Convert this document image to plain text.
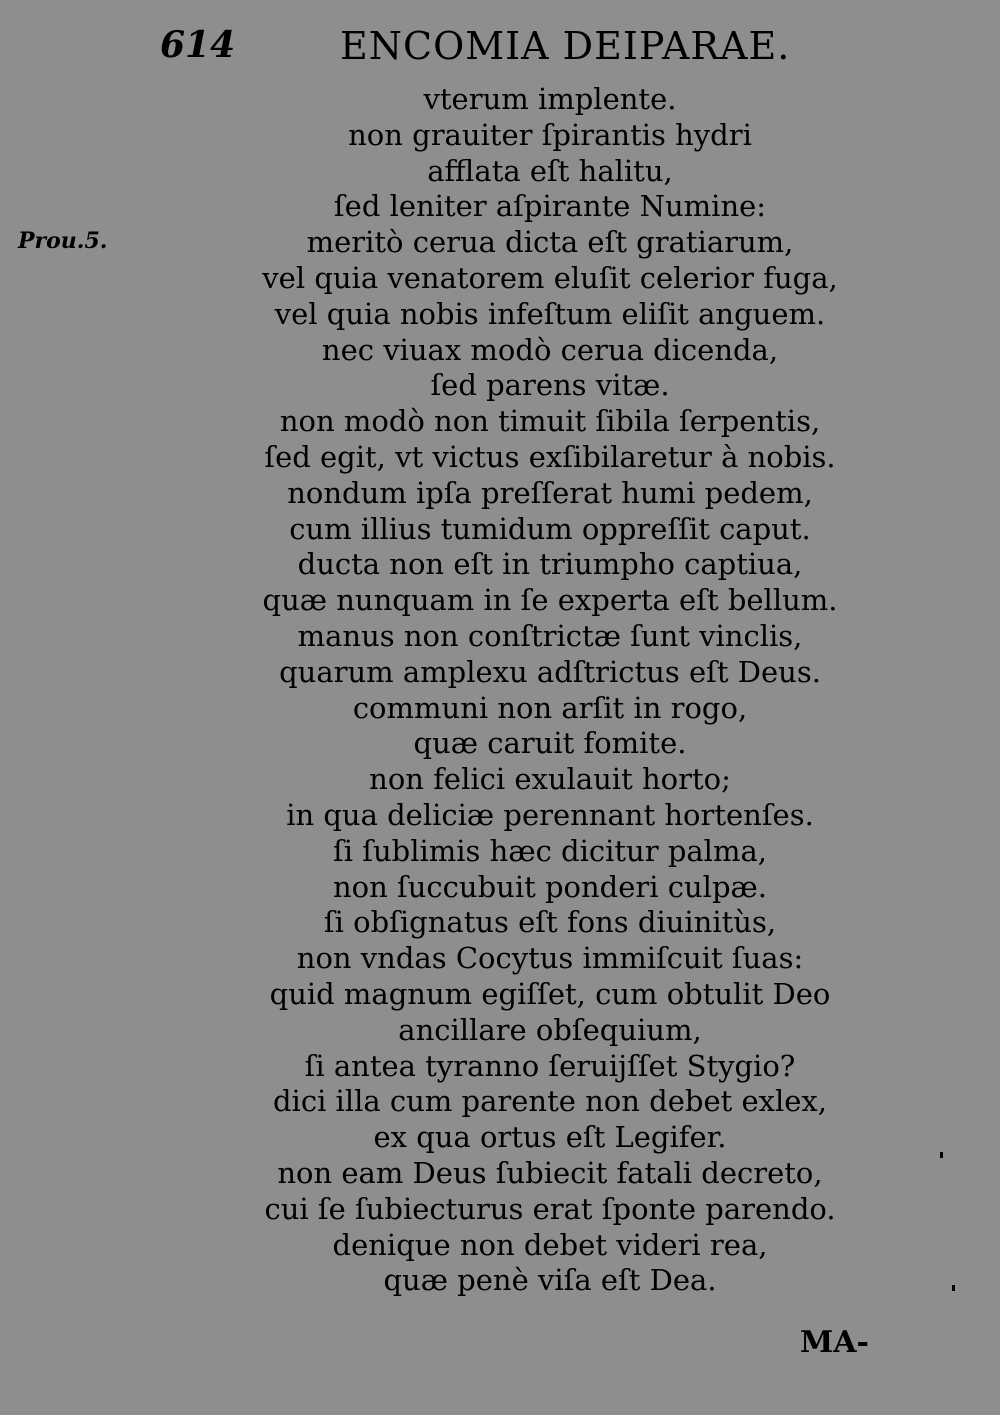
614	ENCOMIA DEIPARAE.
Prou.5.
vterum implente.
non grauiter ſpirantis hydri
afflata eſt halitu,
ſed leniter aſpirante Numine:
meritò cerua dicta eſt gratiarum,
vel quia venatorem eluſit celerior fuga,
vel quia nobis infeſtum eliſit anguem.
nec viuax modò cerua dicenda,
ſed parens vitæ.
non modò non timuit ſibila ſerpentis,
ſed egit, vt victus exſibilaretur à nobis.
nondum ipſa preſſerat humi pedem,
cum illius tumidum oppreſſit caput.
ducta non eſt in triumpho captiua,
quæ nunquam in ſe experta eſt bellum.
manus non conſtrictæ ſunt vinclis,
quarum amplexu adſtrictus eſt Deus.
communi non arſit in rogo,
quæ caruit fomite.
non felici exulauit horto;
in qua deliciæ perennant hortenſes.
ſi ſublimis hæc dicitur palma,
non ſuccubuit ponderi culpæ.
ſi obſignatus eſt fons diuinitùs,
non vndas Cocytus immiſcuit ſuas:
quid magnum egiſſet, cum obtulit Deo
ancillare obſequium,
ſi antea tyranno ſeruijſſet Stygio?
dici illa cum parente non debet exlex,
ex qua ortus eſt Legifer.
non eam Deus ſubiecit fatali decreto,
cui ſe ſubiecturus erat ſponte parendo.
denique non debet videri rea,
quæ penè viſa eſt Dea.
MA-
